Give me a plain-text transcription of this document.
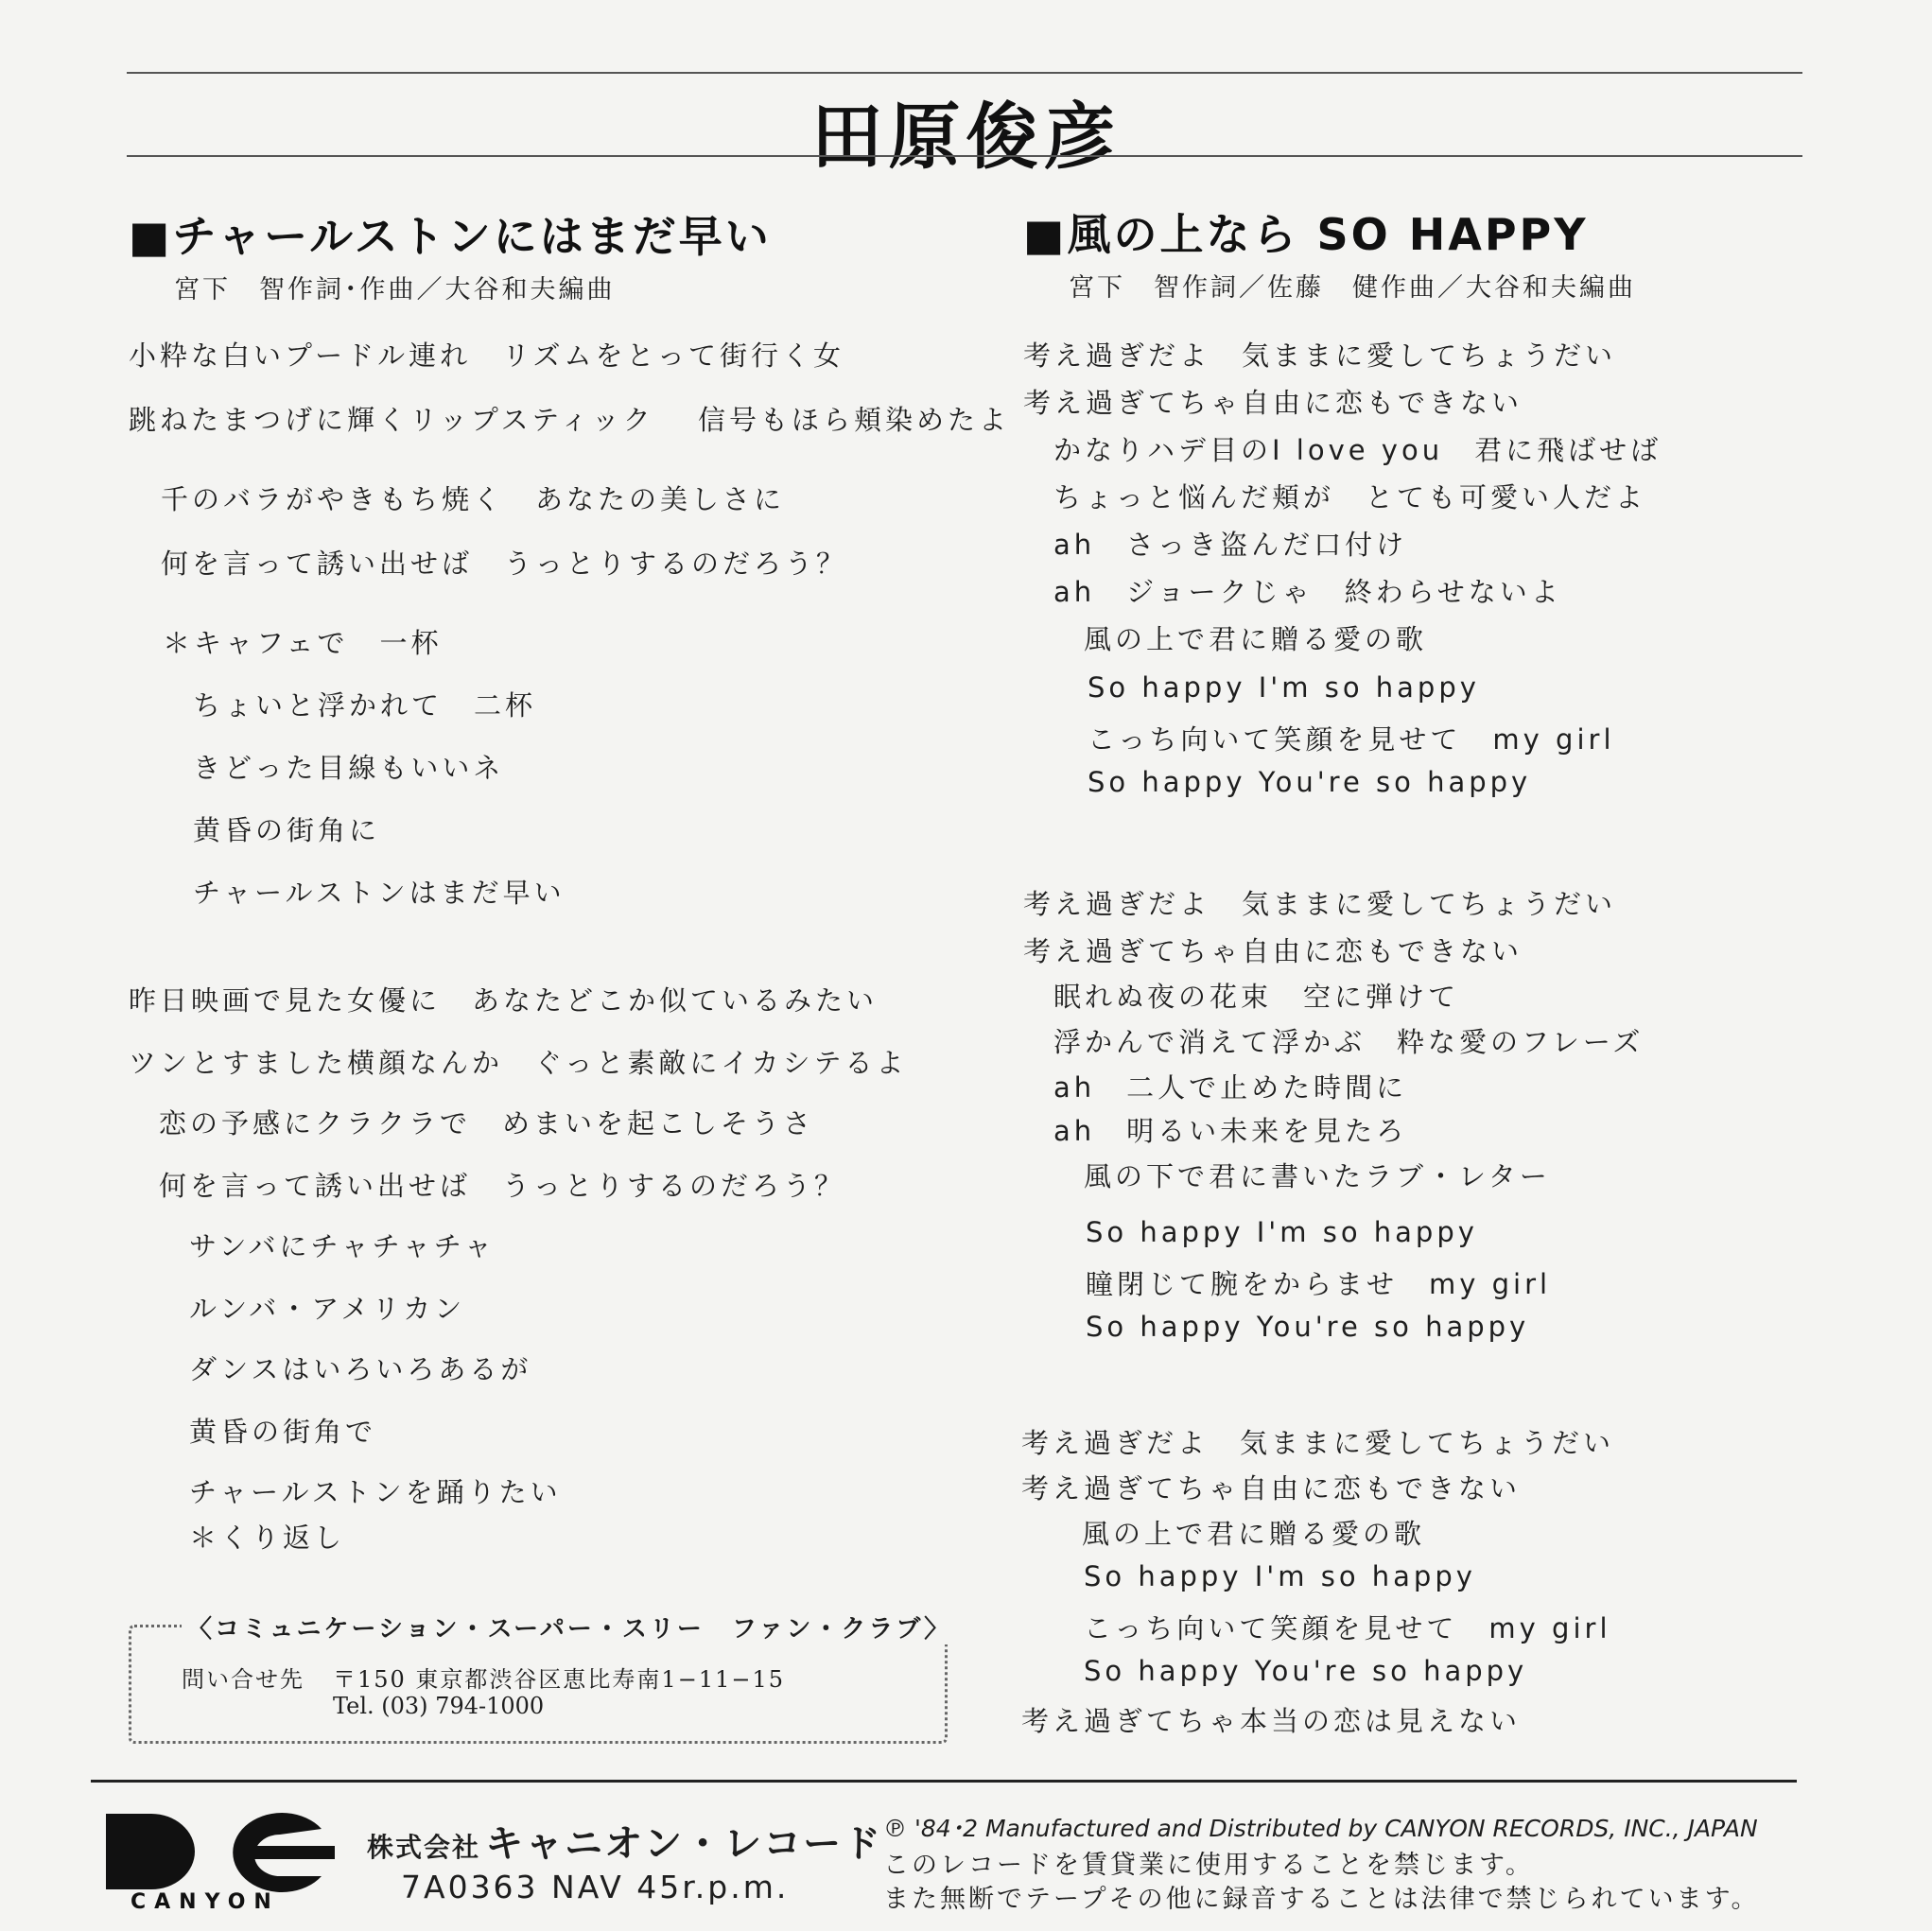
田原俊彦
■チャールストンにはまだ早い
宮下　智作詞･作曲／大谷和夫編曲
小粋な白いプードル連れ　リズムをとって街行く女
跳ねたまつげに輝くリップスティック　 信号もほら頬染めたよ
千のバラがやきもち焼く　あなたの美しさに
何を言って誘い出せば　うっとりするのだろう？
＊キャフェで　一杯
ちょいと浮かれて　二杯
きどった目線もいいネ
黄昏の街角に
チャールストンはまだ早い
昨日映画で見た女優に　あなたどこか似ているみたい
ツンとすました横顔なんか　ぐっと素敵にイカシテるよ
恋の予感にクラクラで　めまいを起こしそうさ
何を言って誘い出せば　うっとりするのだろう？
サンバにチャチャチャ
ルンバ・アメリカン
ダンスはいろいろあるが
黄昏の街角で
チャールストンを踊りたい
＊くり返し
■風の上なら SO HAPPY
宮下　智作詞／佐藤　健作曲／大谷和夫編曲
考え過ぎだよ　気ままに愛してちょうだい
考え過ぎてちゃ自由に恋もできない
かなりハデ目のI love you　君に飛ばせば
ちょっと悩んだ頬が　とても可愛い人だよ
ah　さっき盗んだ口付け
ah　ジョークじゃ　終わらせないよ
風の上で君に贈る愛の歌
So happy I'm so happy
こっち向いて笑顔を見せて　my girl
So happy You're so happy
考え過ぎだよ　気ままに愛してちょうだい
考え過ぎてちゃ自由に恋もできない
眠れぬ夜の花束　空に弾けて
浮かんで消えて浮かぶ　粋な愛のフレーズ
ah　二人で止めた時間に
ah　明るい未来を見たろ
風の下で君に書いたラブ・レター
So happy I'm so happy
瞳閉じて腕をからませ　my girl
So happy You're so happy
考え過ぎだよ　気ままに愛してちょうだい
考え過ぎてちゃ自由に恋もできない
風の上で君に贈る愛の歌
So happy I'm so happy
こっち向いて笑顔を見せて　my girl
So happy You're so happy
考え過ぎてちゃ本当の恋は見えない
〈コミュニケーション・スーパー・スリー　ファン・クラブ〉
問い合せ先 〒150 東京都渋谷区恵比寿南1−11−15
Tel. (03) 794-1000
CANYON
株式会社 キャニオン・レコード
7A0363 NAV 45r.p.m.
℗ '84･2 Manufactured and Distributed by CANYON RECORDS, INC., JAPAN
このレコードを賃貸業に使用することを禁じます。
また無断でテープその他に録音することは法律で禁じられています。
